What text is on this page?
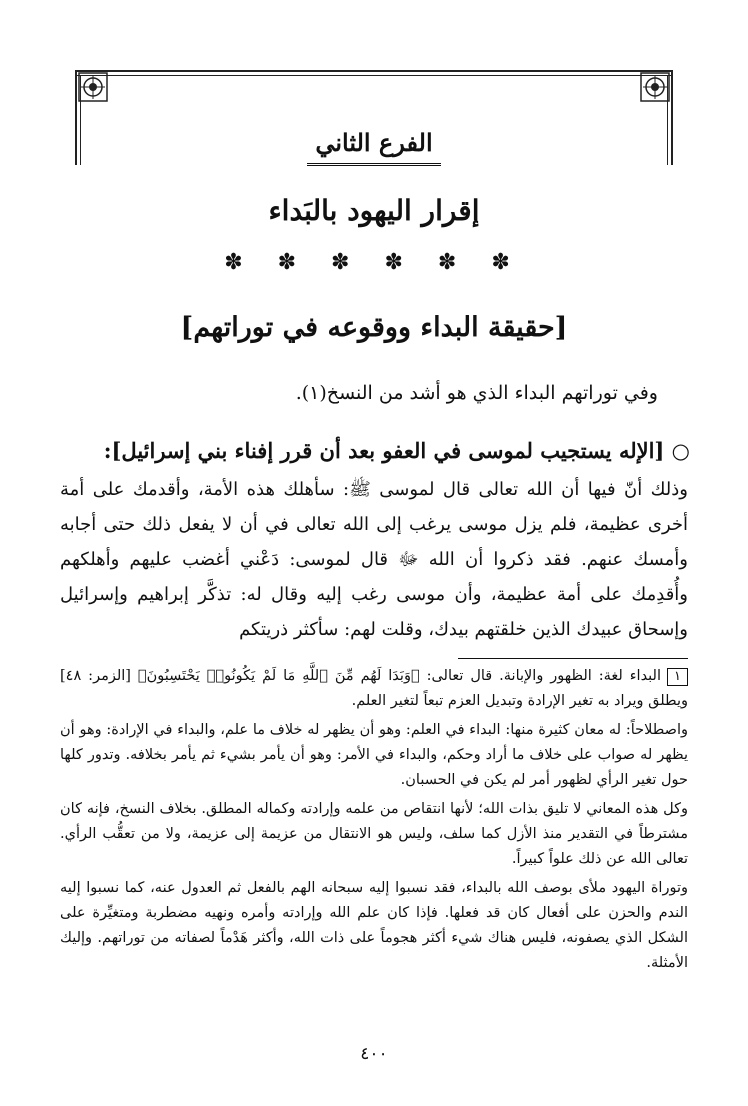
الفرع الثاني
إقرار اليهود بالبَداء
✽ ✽ ✽ ✽ ✽ ✽
[حقيقة البداء ووقوعه في توراتهم]
وفي توراتهم البداء الذي هو أشد من النسخ(١).
○ [الإله يستجيب لموسى في العفو بعد أن قرر إفناء بني إسرائيل]:
وذلك أنّ فيها أن الله تعالى قال لموسى ﷺ: سأهلك هذه الأمة، وأقدمك على أمة أخرى عظيمة، فلم يزل موسى يرغب إلى الله تعالى في أن لا يفعل ذلك حتى أجابه وأمسك عنهم. فقد ذكروا أن الله ﷻ قال لموسى: دَعْني أغضب عليهم وأهلكهم وأُقدِمك على أمة عظيمة، وأن موسى رغب إليه وقال له: تذكَّر إبراهيم وإسرائيل وإسحاق عبيدك الذين خلقتهم بيدك، وقلت لهم: سأكثر ذريتكم

١البداء لغة: الظهور والإبانة. قال تعالى: ﴿وَبَدَا لَهُم مِّنَ ٱللَّهِ مَا لَمْ يَكُونُوا۟ يَحْتَسِبُونَ﴾ [الزمر: ٤٨] ويطلق ويراد به تغير الإرادة وتبديل العزم تبعاً لتغير العلم.

واصطلاحاً: له معان كثيرة منها: البداء في العلم: وهو أن يظهر له خلاف ما علم، والبداء في الإرادة: وهو أن يظهر له صواب على خلاف ما أراد وحكم، والبداء في الأمر: وهو أن يأمر بشيء ثم يأمر بخلافه. وتدور كلها حول تغير الرأي لظهور أمر لم يكن في الحسبان.

وكل هذه المعاني لا تليق بذات الله؛ لأنها انتقاص من علمه وإرادته وكماله المطلق. بخلاف النسخ، فإنه كان مشترطاً في التقدير منذ الأزل كما سلف، وليس هو الانتقال من عزيمة إلى عزيمة، ولا من تعقُّب الرأي. تعالى الله عن ذلك علواً كبيراً.

وتوراة اليهود ملأى بوصف الله بالبداء، فقد نسبوا إليه سبحانه الهم بالفعل ثم العدول عنه، كما نسبوا إليه الندم والحزن على أفعال كان قد فعلها. فإذا كان علم الله وإرادته وأمره ونهيه مضطربة ومتغيِّرة على الشكل الذي يصفونه، فليس هناك شيء أكثر هجوماً على ذات الله، وأكثر هَدْماً لصفاته من توراتهم. وإليك الأمثلة.

٤٠٠
